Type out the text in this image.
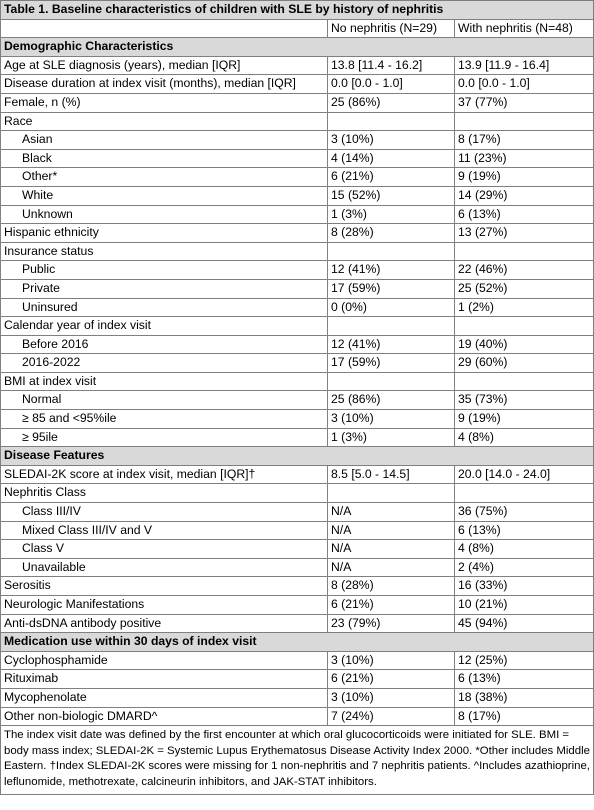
Table 1. Baseline characteristics of children with SLE by history of nephritis		
	No nephritis (N=29)	With nephritis (N=48)
Demographic Characteristics		
Age at SLE diagnosis (years), median [IQR]	13.8 [11.4 - 16.2]	13.9 [11.9 - 16.4]
Disease duration at index visit (months), median [IQR]	0.0 [0.0 - 1.0]	0.0 [0.0 - 1.0]
Female, n (%)	25 (86%)	37 (77%)
Race		
Asian	3 (10%)	8 (17%)
Black	4 (14%)	11 (23%)
Other*	6 (21%)	9 (19%)
White	15 (52%)	14 (29%)
Unknown	1 (3%)	6 (13%)
Hispanic ethnicity	8 (28%)	13 (27%)
Insurance status		
Public	12 (41%)	22 (46%)
Private	17 (59%)	25 (52%)
Uninsured	0 (0%)	1 (2%)
Calendar year of index visit		
Before 2016	12 (41%)	19 (40%)
2016-2022	17 (59%)	29 (60%)
BMI at index visit		
Normal	25 (86%)	35 (73%)
≥ 85 and <95%ile	3 (10%)	9 (19%)
≥ 95ile	1 (3%)	4 (8%)
Disease Features		
SLEDAI-2K score at index visit, median [IQR]†	8.5 [5.0 - 14.5]	20.0 [14.0 - 24.0]
Nephritis Class		
Class III/IV	N/A	36 (75%)
Mixed Class III/IV and V	N/A	6 (13%)
Class V	N/A	4 (8%)
Unavailable	N/A	2 (4%)
Serositis	8 (28%)	16 (33%)
Neurologic Manifestations	6 (21%)	10 (21%)
Anti-dsDNA antibody positive	23 (79%)	45 (94%)
Medication use within 30 days of index visit		
Cyclophosphamide	3 (10%)	12 (25%)
Rituximab	6 (21%)	6 (13%)
Mycophenolate	3 (10%)	18 (38%)
Other non-biologic DMARD^	7 (24%)	8 (17%)
The index visit date was defined by the first encounter at which oral glucocorticoids were initiated for SLE. BMI = body mass index; SLEDAI-2K = Systemic Lupus Erythematosus Disease Activity Index 2000. *Other includes Middle Eastern. †Index SLEDAI-2K scores were missing for 1 non-nephritis and 7 nephritis patients. ^Includes azathioprine, leflunomide, methotrexate, calcineurin inhibitors, and JAK-STAT inhibitors.		
